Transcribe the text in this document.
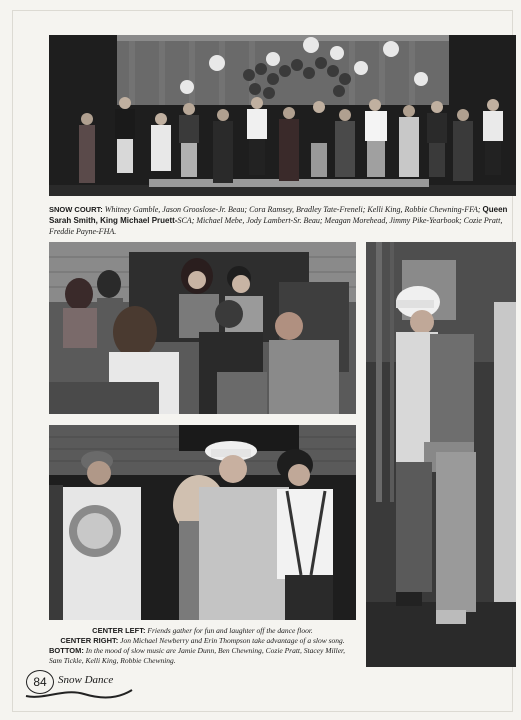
SNOW COURT: Whitney Gamble, Jason Grooslose-Jr. Beau; Cora Ramsey, Bradley Tate-Freneli; Kelli King, Robbie Chewning-FFA; Queen Sarah Smith, King Michael Pruett-SCA; Michael Mebe, Jody Lambert-Sr. Beau; Meagan Morehead, Jimmy Pike-Yearbook; Cozie Pratt, Freddie Payne-FHA.
CENTER LEFT: Friends gather for fun and laughter off the dance floor.
CENTER RIGHT: Jon Michael Newberry and Erin Thompson take advantage of a slow song.
BOTTOM: In the mood of slow music are Jamie Dunn, Ben Chewning, Cozie Pratt, Stacey Miller, Sam Tickle, Kelli King, Robbie Chewning.
84	Snow Dance
